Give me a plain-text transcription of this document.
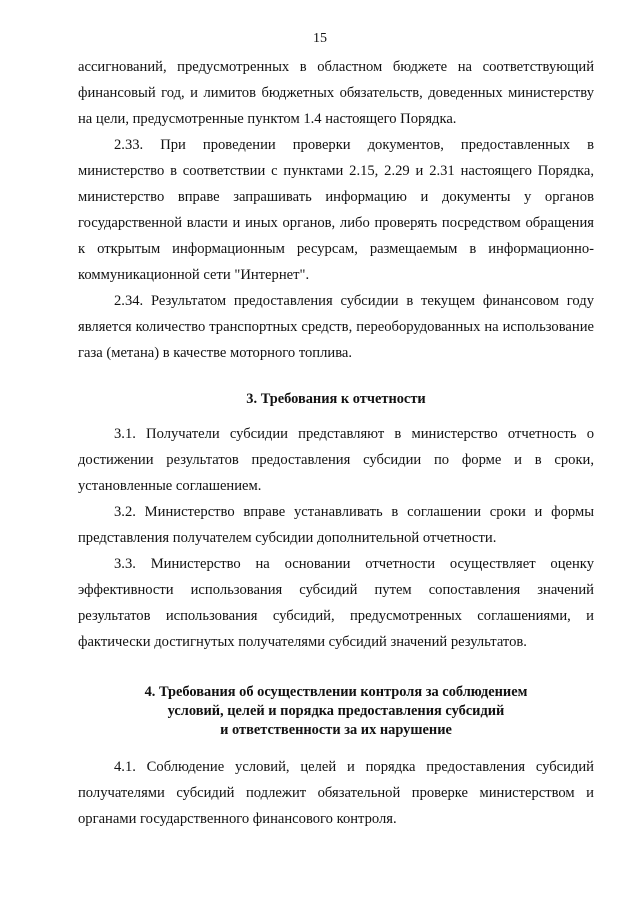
15

ассигнований, предусмотренных в областном бюджете на соответствующий финансовый год, и лимитов бюджетных обязательств, доведенных министерству на цели, предусмотренные пунктом 1.4 настоящего Порядка.

2.33. При проведении проверки документов, предоставленных в министерство в соответствии с пунктами 2.15, 2.29 и 2.31 настоящего Порядка, министерство вправе запрашивать информацию и документы у органов государственной власти и иных органов, либо проверять посредством обращения к открытым информационным ресурсам, размещаемым в информационно-коммуникационной сети "Интернет".

2.34. Результатом предоставления субсидии в текущем финансовом году является количество транспортных средств, переоборудованных на использование газа (метана) в качестве моторного топлива.

3. Требования к отчетности

3.1. Получатели субсидии представляют в министерство отчетность о достижении результатов предоставления субсидии по форме и в сроки, установленные соглашением.

3.2. Министерство вправе устанавливать в соглашении сроки и формы представления получателем субсидии дополнительной отчетности.

3.3. Министерство на основании отчетности осуществляет оценку эффективности использования субсидий путем сопоставления значений результатов использования субсидий, предусмотренных соглашениями, и фактически достигнутых получателями субсидий значений результатов.

4. Требования об осуществлении контроля за соблюдением
условий, целей и порядка предоставления субсидий
и ответственности за их нарушение

4.1. Соблюдение условий, целей и порядка предоставления субсидий получателями субсидий подлежит обязательной проверке министерством и органами государственного финансового контроля.
